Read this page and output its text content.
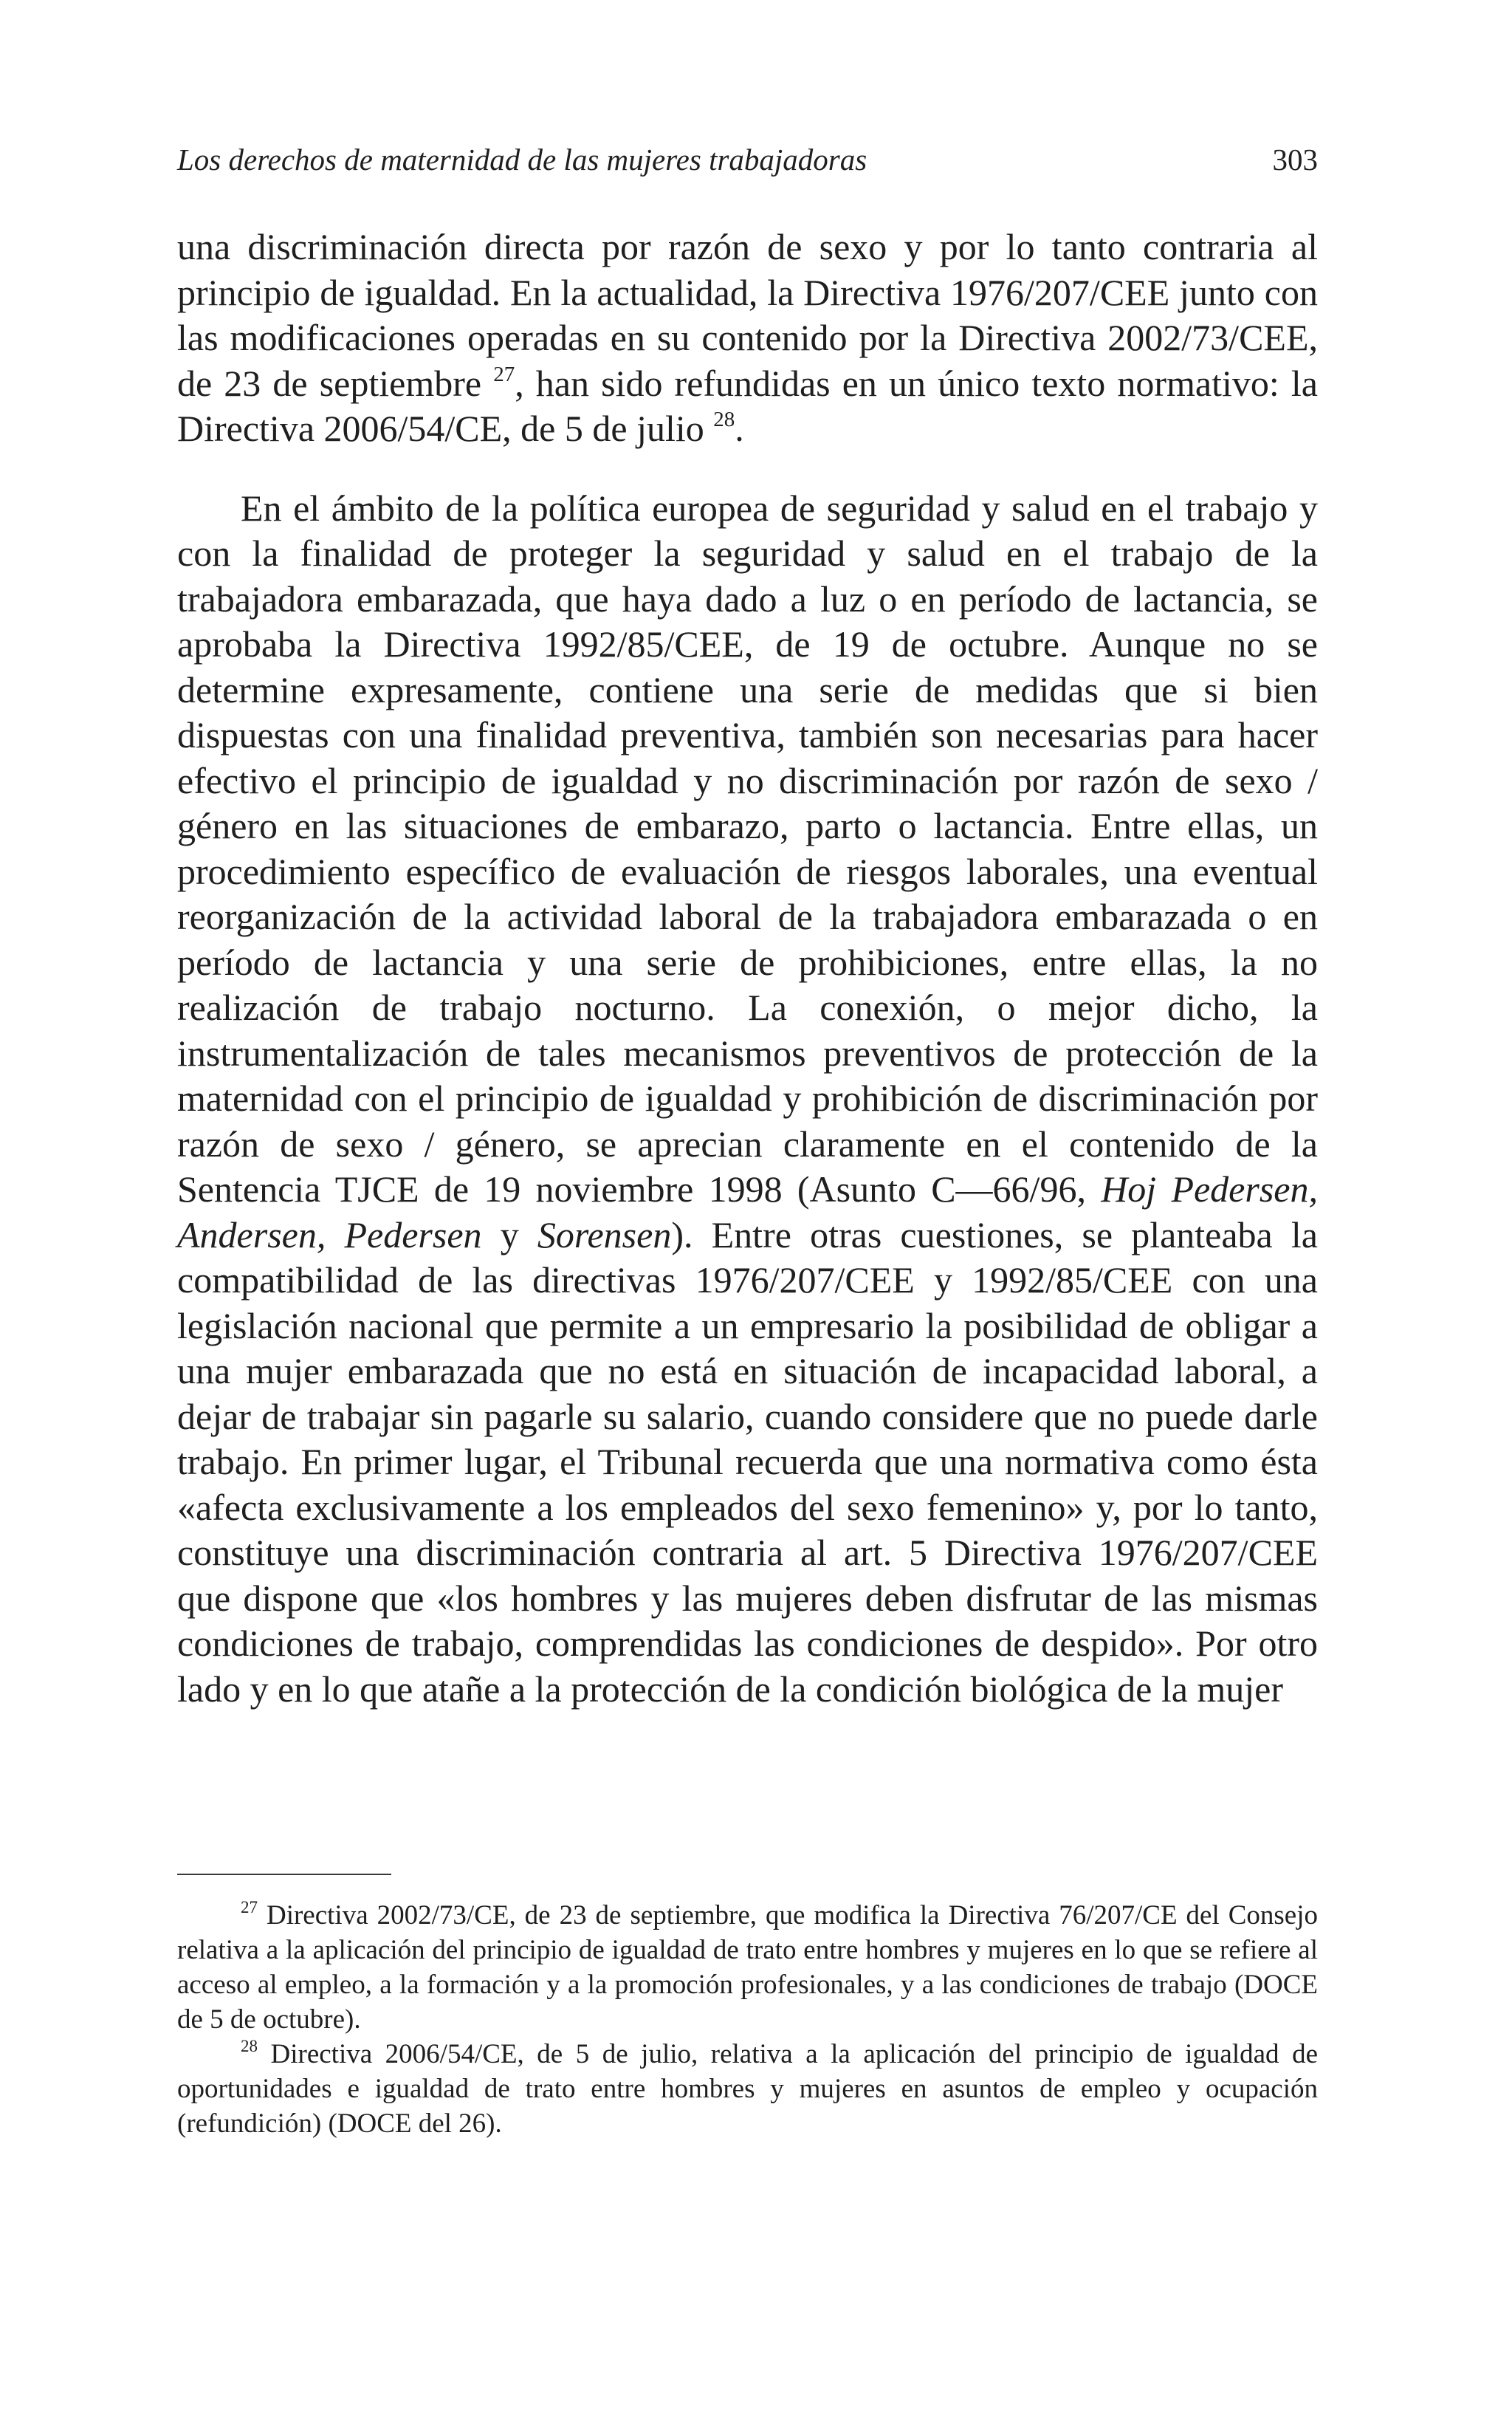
Los derechos de maternidad de las mujeres trabajadoras	303

una discriminación directa por razón de sexo y por lo tanto contraria al principio de igualdad. En la actualidad, la Directiva 1976/207/CEE junto con las modificaciones operadas en su contenido por la Directiva 2002/73/CEE, de 23 de septiembre $^{27}$, han sido refundidas en un único texto normativo: la Directiva 2006/54/CE, de 5 de julio $^{28}$.

En el ámbito de la política europea de seguridad y salud en el trabajo y con la finalidad de proteger la seguridad y salud en el trabajo de la trabajadora embarazada, que haya dado a luz o en período de lactancia, se aprobaba la Directiva 1992/85/CEE, de 19 de octubre. Aunque no se determine expresamente, contiene una serie de medidas que si bien dispuestas con una finalidad preventiva, también son necesarias para hacer efectivo el principio de igualdad y no discriminación por razón de sexo / género en las situaciones de embarazo, parto o lactancia. Entre ellas, un procedimiento específico de evaluación de riesgos laborales, una eventual reorganización de la actividad laboral de la trabajadora embarazada o en período de lactancia y una serie de prohibiciones, entre ellas, la no realización de trabajo nocturno. La conexión, o mejor dicho, la instrumentalización de tales mecanismos preventivos de protección de la maternidad con el principio de igualdad y prohibición de discriminación por razón de sexo / género, se aprecian claramente en el contenido de la Sentencia TJCE de 19 noviembre 1998 (Asunto C—66/96, Hoj Pedersen, Andersen, Pedersen y Sorensen). Entre otras cuestiones, se planteaba la compatibilidad de las directivas 1976/207/CEE y 1992/85/CEE con una legislación nacional que permite a un empresario la posibilidad de obligar a una mujer embarazada que no está en situación de incapacidad laboral, a dejar de trabajar sin pagarle su salario, cuando considere que no puede darle trabajo. En primer lugar, el Tribunal recuerda que una normativa como ésta «afecta exclusivamente a los empleados del sexo femenino» y, por lo tanto, constituye una discriminación contraria al art. 5 Directiva 1976/207/CEE que dispone que «los hombres y las mujeres deben disfrutar de las mismas condiciones de trabajo, comprendidas las condiciones de despido». Por otro lado y en lo que atañe a la protección de la condición biológica de la mujer

$^{27}$ Directiva 2002/73/CE, de 23 de septiembre, que modifica la Directiva 76/207/CE del Consejo relativa a la aplicación del principio de igualdad de trato entre hombres y mujeres en lo que se refiere al acceso al empleo, a la formación y a la promoción profesionales, y a las condiciones de trabajo (DOCE de 5 de octubre).

$^{28}$ Directiva 2006/54/CE, de 5 de julio, relativa a la aplicación del principio de igualdad de oportunidades e igualdad de trato entre hombres y mujeres en asuntos de empleo y ocupación (refundición) (DOCE del 26).
